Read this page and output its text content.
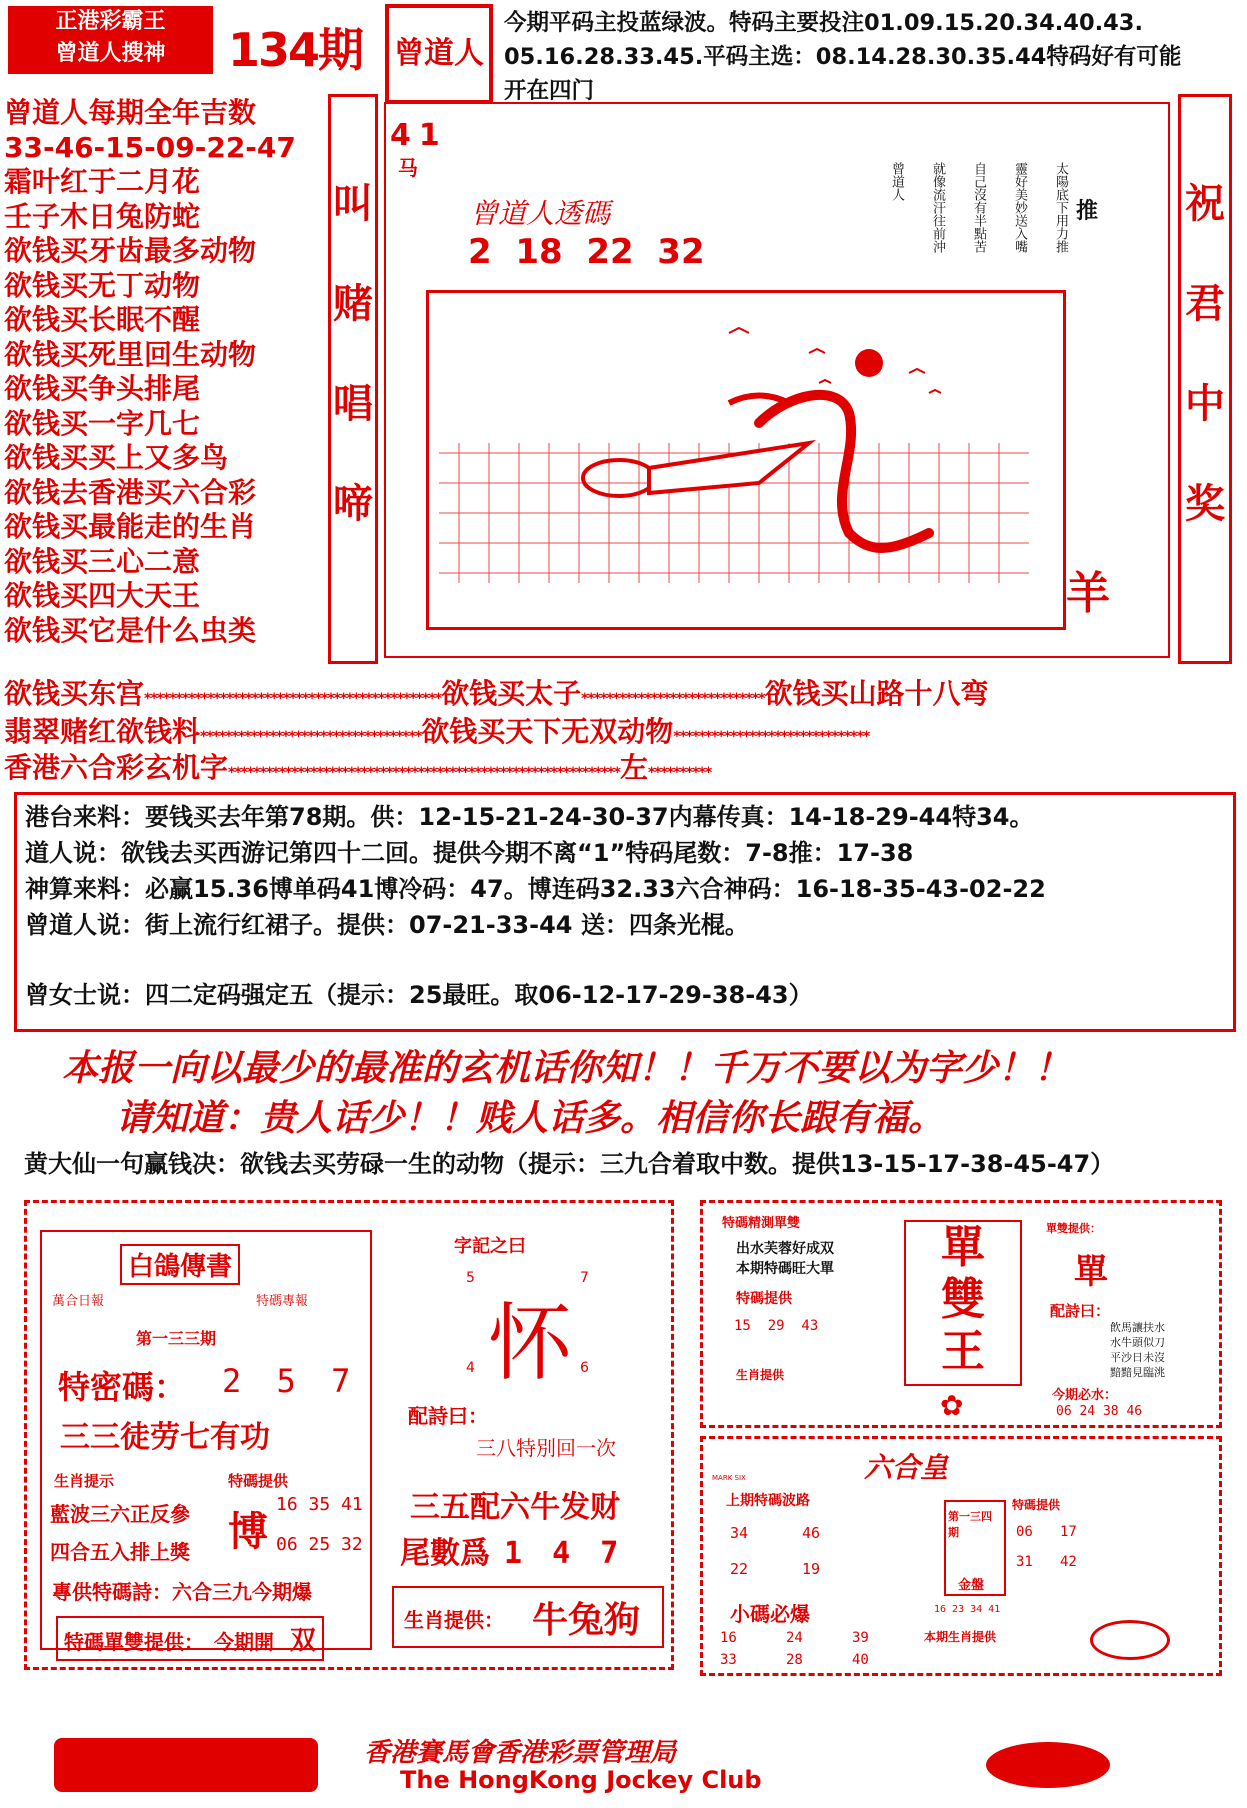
正港彩霸王
曾道人搜神	134期 曾道人
今期平码主投蓝绿波。特码主要投注01.09.15.20.34.40.43.
05.16.28.33.45.平码主选：08.14.28.30.35.44特码好有可能
开在四门
曾道人每期全年吉数
33-46-15-09-22-47
霜叶红于二月花
壬子木日兔防蛇
欲钱买牙齿最多动物
欲钱买无丁动物
欲钱买长眠不醒
欲钱买死里回生动物
欲钱买争头排尾
欲钱买一字几七
欲钱买买上又多鸟
欲钱去香港买六合彩
欲钱买最能走的生肖
欲钱买三心二意
欲钱买四大天王
欲钱买它是什么虫类
叫
赌
唱
啼
祝
君
中
奖
41
马
曾道人透碼
2  18  22  32
推
太陽底下用力推
靈好美妙送入嘴
自己沒有半點苦
就像流汗往前沖
曾道人
羊
欲钱买东宫***********************************************欲钱买太子*****************************欲钱买山路十八弯
翡翠赌红欲钱料***********************************欲钱买天下无双动物*******************************
香港六合彩玄机字**************************************************************左**********
港台来料：要钱买去年第78期。供：12-15-21-24-30-37内幕传真：14-18-29-44特34。
道人说：欲钱去买西游记第四十二回。提供今期不离“1”特码尾数：7-8推：17-38
神算来料：必赢15.36博单码41博冷码：47。博连码32.33六合神码：16-18-35-43-02-22
曾道人说：街上流行红裙子。提供：07-21-33-44 送：四条光棍。
曾女士说：四二定码强定五（提示：25最旺。取06-12-17-29-38-43）
本报一向以最少的最准的玄机话你知！！千万不要以为字少！！
请知道：贵人话少！！贱人话多。相信你长跟有福。
黄大仙一句赢钱决：欲钱去买劳碌一生的动物（提示：三九合着取中数。提供13-15-17-38-45-47）
白鴿傳書
萬合日報	特碼專報
第一三三期
特密碼： 2 5 7
三三徒劳七有功
生肖提示
藍波三六正反參
特碼提供
博
16 35 41
06 25 32
四合五入排上獎
專供特碼詩：六合三九今期爆
特碼單雙提供： 今期開 双
字記之曰
5	7
怀
4	6
配詩曰：
三八特別回一次
三五配六牛发财
尾數爲 1 4 7
生肖提供： 牛兔狗
特碼精測單雙
出水芙蓉好成双
本期特碼旺大單
特碼提供
15  29  43
生肖提供
單
雙
王
✿
單雙提供：
單
配詩曰：
飲馬讓扶水
水牛頭似刀
平沙日未沒
黯黯見臨洮
今期必水：
06 24 38 46
六合皇
上期特碼波路
34	46
22	19
小碼必爆
16	24	39
33	28	40
第一三四期
金盤
特碼提供
06 17
31 42
16 23 34 41
本期生肖提供
MARK SIX
香港賽馬會香港彩票管理局
The HongKong Jockey Club
